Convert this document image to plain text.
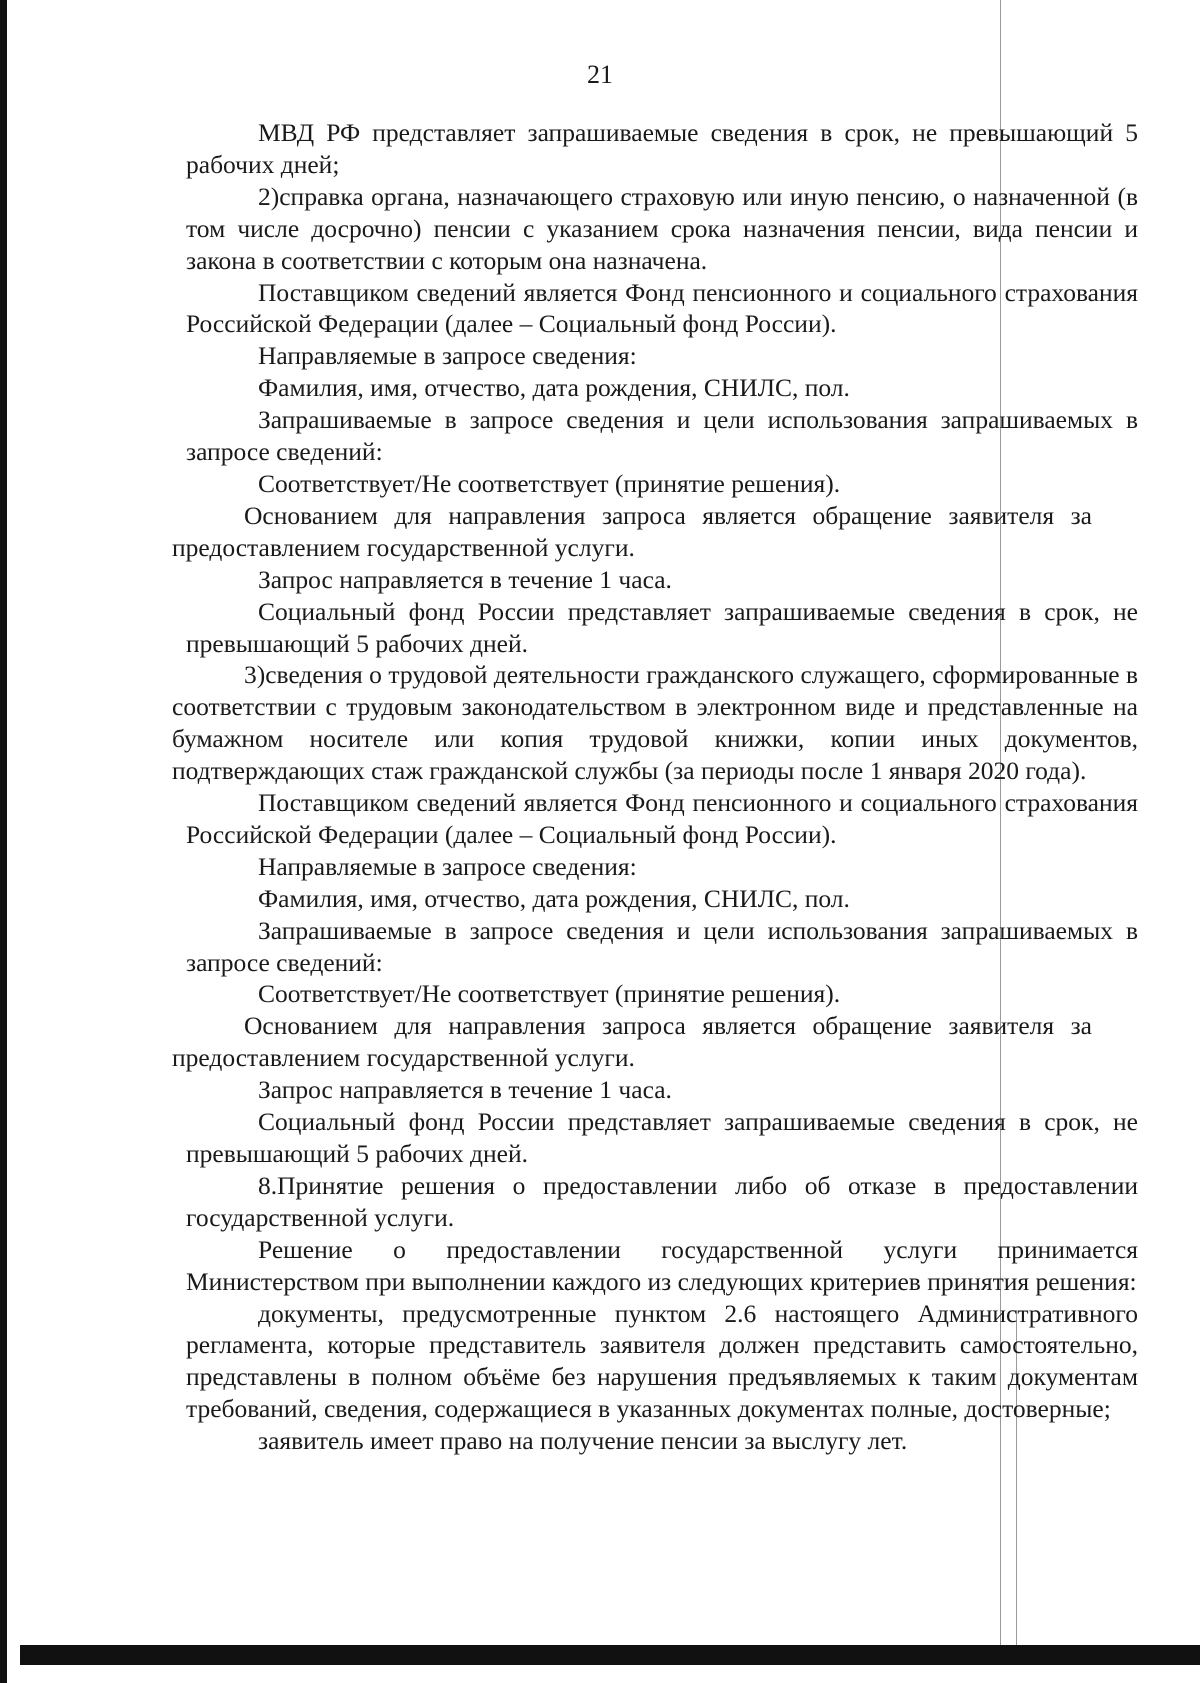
21

МВД РФ представляет запрашиваемые сведения в срок, не превышающий 5 рабочих дней;

2)справка органа, назначающего страховую или иную пенсию, о назначенной (в том числе досрочно) пенсии с указанием срока назначения пенсии, вида пенсии и закона в соответствии с которым она назначена.

Поставщиком сведений является Фонд пенсионного и социального страхования Российской Федерации (далее – Социальный фонд России).

Направляемые в запросе сведения:

Фамилия, имя, отчество, дата рождения, СНИЛС, пол.

Запрашиваемые в запросе сведения и цели использования запрашиваемых в запросе сведений:

Соответствует/Не соответствует (принятие решения).

Основанием для направления запроса является обращение заявителя за предоставлением государственной услуги.

Запрос направляется в течение 1 часа.

Социальный фонд России представляет запрашиваемые сведения в срок, не превышающий 5 рабочих дней.

3)сведения о трудовой деятельности гражданского служащего, сформированные в соответствии с трудовым законодательством в электронном виде и представленные на бумажном носителе или копия трудовой книжки, копии иных документов, подтверждающих стаж гражданской службы (за периоды после 1 января 2020 года).

Поставщиком сведений является Фонд пенсионного и социального страхования Российской Федерации (далее – Социальный фонд России).

Направляемые в запросе сведения:

Фамилия, имя, отчество, дата рождения, СНИЛС, пол.

Запрашиваемые в запросе сведения и цели использования запрашиваемых в запросе сведений:

Соответствует/Не соответствует (принятие решения).

Основанием для направления запроса является обращение заявителя за предоставлением государственной услуги.

Запрос направляется в течение 1 часа.

Социальный фонд России представляет запрашиваемые сведения в срок, не превышающий 5 рабочих дней.

8.Принятие решения о предоставлении либо об отказе в предоставлении государственной услуги.

Решение о предоставлении государственной услуги принимается Министерством при выполнении каждого из следующих критериев принятия решения:

документы, предусмотренные пунктом 2.6 настоящего Административного регламента, которые представитель заявителя должен представить самостоятельно, представлены в полном объёме без нарушения предъявляемых к таким документам требований, сведения, содержащиеся в указанных документах полные, достоверные;

заявитель имеет право на получение пенсии за выслугу лет.
